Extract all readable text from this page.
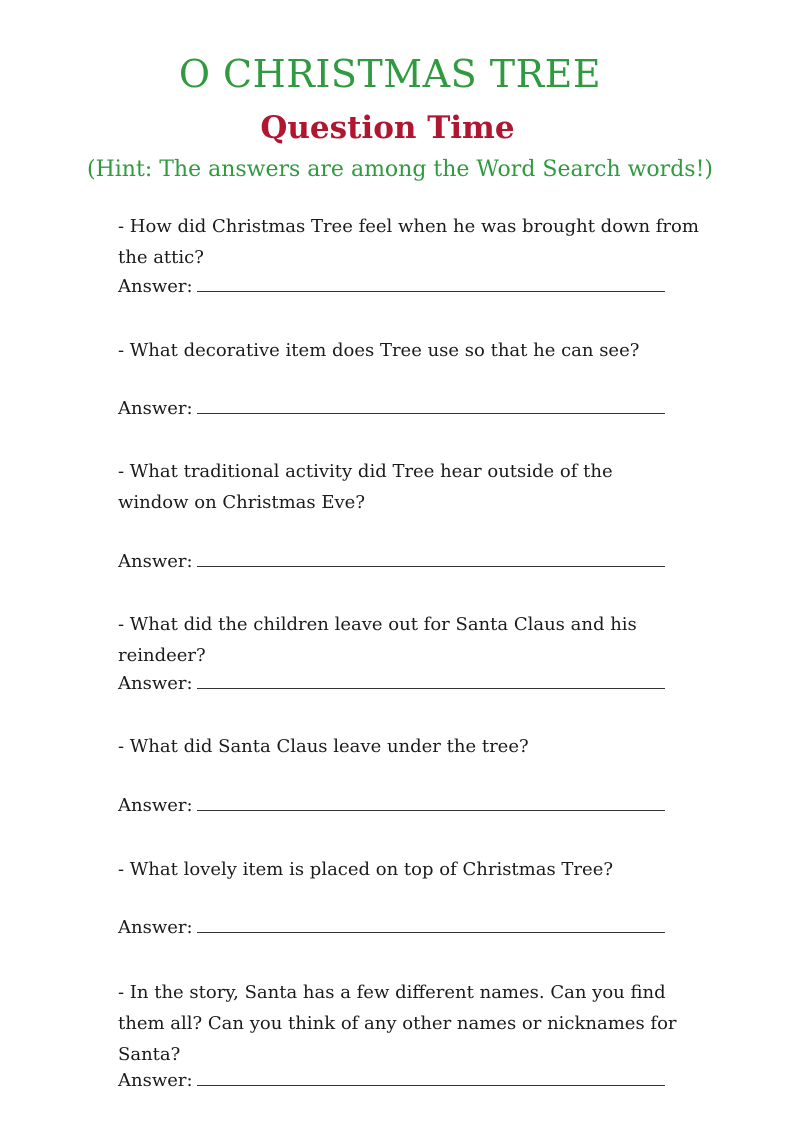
O CHRISTMAS TREE
Question Time

(Hint: The answers are among the Word Search words!)

- How did Christmas Tree feel when he was brought down from the attic?

Answer:

- What decorative item does Tree use so that he can see?

Answer:

- What traditional activity did Tree hear outside of the window on Christmas Eve?

Answer:

- What did the children leave out for Santa Claus and his reindeer?

Answer:

- What did Santa Claus leave under the tree?

Answer:

- What lovely item is placed on top of Christmas Tree?

Answer:

- In the story, Santa has a few different names. Can you find them all? Can you think of any other names or nicknames for Santa?

Answer:
